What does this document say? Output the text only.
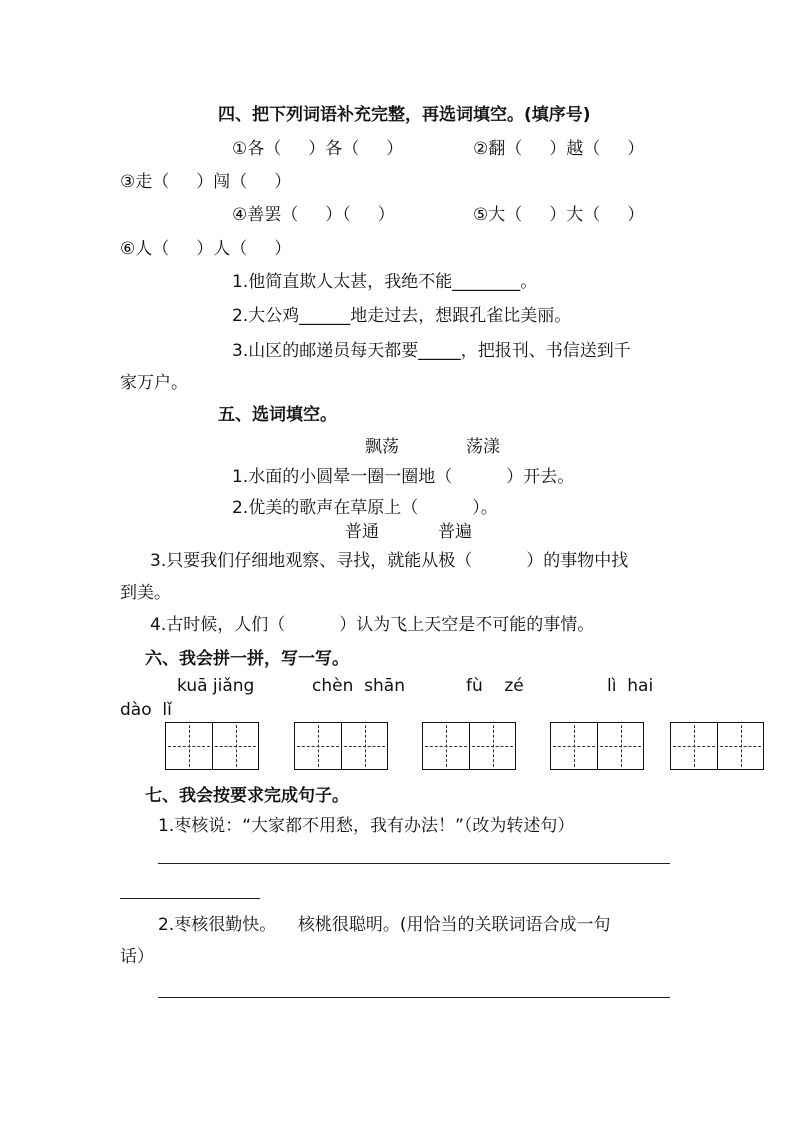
四、把下列词语补充完整，再选词填空。(填序号)
①各（     ）各（     ）	②翻（     ）越（     ）
③走（     ）闯（     ）
④善罢（     ）（     ）	⑤大（     ）大（     ）
⑥人（     ）人（     ）
1.他简直欺人太甚，我绝不能________。
2.大公鸡______地走过去，想跟孔雀比美丽。
3.山区的邮递员每天都要_____，把报刊、书信送到千
家万户。
五、选词填空。
飘荡	荡漾
1.水面的小圆晕一圈一圈地（          ）开去。
2.优美的歌声在草原上（          ）。
普通	普遍
3.只要我们仔细地观察、寻找，就能从极（          ）的事物中找
到美。
4.古时候，人们（          ）认为飞上天空是不可能的事情。
六、我会拼一拼，写一写。
kuā jiǎng	chèn  shān	fù    zé	lì  hai
dào  lǐ
七、我会按要求完成句子。
1.枣核说：“大家都不用愁，我有办法！”（改为转述句）
2.枣核很勤快。    核桃很聪明。(用恰当的关联词语合成一句
话）
